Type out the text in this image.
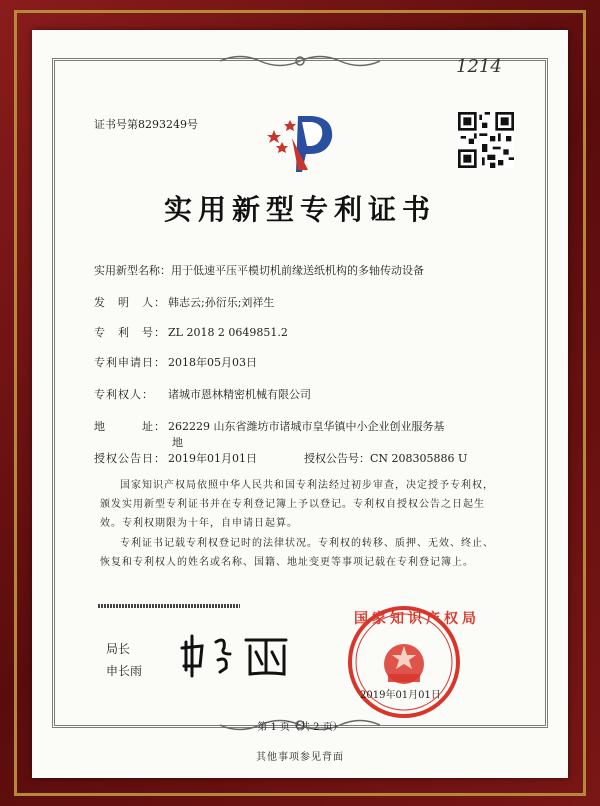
1214
证书号第8293249号
实用新型专利证书
实用新型名称：用于低速平压平模切机前缘送纸机构的多轴传动设备
发　明　人： 韩志云;孙衍乐;刘祥生
专　利　号： ZL 2018 2 0649851.2
专利申请日： 2018年05月03日
专利权人： 诸城市恩林精密机械有限公司
地　　　址： 262229 山东省潍坊市诸城市皇华镇中小企业创业服务基
地
授权公告日： 2019年01月01日	授权公告号：CN 208305886 U
国家知识产权局依照中华人民共和国专利法经过初步审查，决定授予专利权，颁发实用新型专利证书并在专利登记簿上予以登记。专利权自授权公告之日起生效。专利权期限为十年，自申请日起算。
专利证书记载专利权登记时的法律状况。专利权的转移、质押、无效、终止、恢复和专利权人的姓名或名称、国籍、地址变更等事项记载在专利登记簿上。
局长
申长雨
国家知识产权局
2019年01月01日
第 1 页（共 2 页）
其他事项参见背面
